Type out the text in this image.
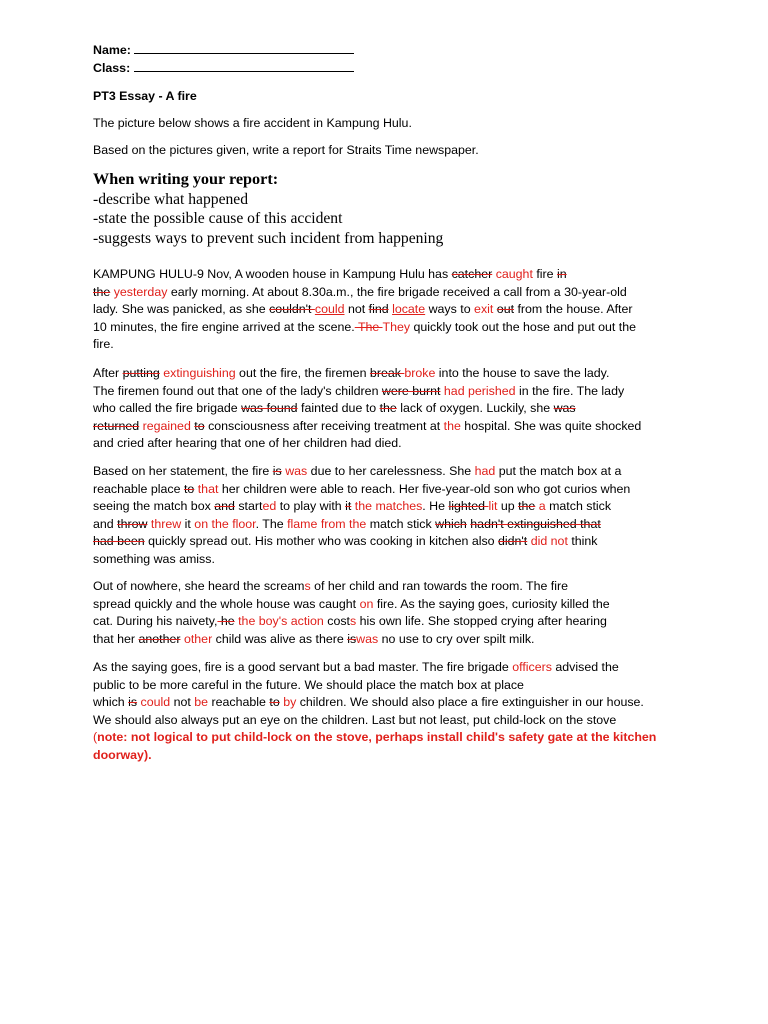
Name:
Class:
PT3 Essay - A fire
The picture below shows a fire accident in Kampung Hulu.
Based on the pictures given, write a report for Straits Time newspaper.
When writing your report:
-describe what happened
-state the possible cause of this accident
-suggests ways to prevent such incident from happening
KAMPUNG HULU-9 Nov, A wooden house in Kampung Hulu has catcher caught fire in
the yesterday early morning. At about 8.30a.m., the fire brigade received a call from a 30-year-old
lady. She was panicked, as she couldn't could not find locate ways to exit out from the house. After
10 minutes, the fire engine arrived at the scene. The They quickly took out the hose and put out the
fire.
After putting extinguishing out the fire, the firemen break broke into the house to save the lady.
The firemen found out that one of the lady's children were burnt had perished in the fire. The lady
who called the fire brigade was found fainted due to the lack of oxygen. Luckily, she was
returned regained to consciousness after receiving treatment at the hospital. She was quite shocked
and cried after hearing that one of her children had died.
Based on her statement, the fire is was due to her carelessness. She had put the match box at a
reachable place to that her children were able to reach. Her five-year-old son who got curios when
seeing the match box and started to play with it the matches. He lighted lit up the a match stick
and throw threw it on the floor. The flame from the match stick which hadn't extinguished that
had been quickly spread out. His mother who was cooking in kitchen also didn't did not think
something was amiss.
Out of nowhere, she heard the screams of her child and ran towards the room. The fire
spread quickly and the whole house was caught on fire. As the saying goes, curiosity killed the
cat. During his naivety, he the boy's action costs his own life. She stopped crying after hearing
that her another other child was alive as there iswas no use to cry over spilt milk.
As the saying goes, fire is a good servant but a bad master. The fire brigade officers advised the
public to be more careful in the future. We should place the match box at place
which is could not be reachable to by children. We should also place a fire extinguisher in our house.
We should also always put an eye on the children. Last but not least, put child-lock on the stove
(note: not logical to put child-lock on the stove, perhaps install child's safety gate at the kitchen
doorway).
